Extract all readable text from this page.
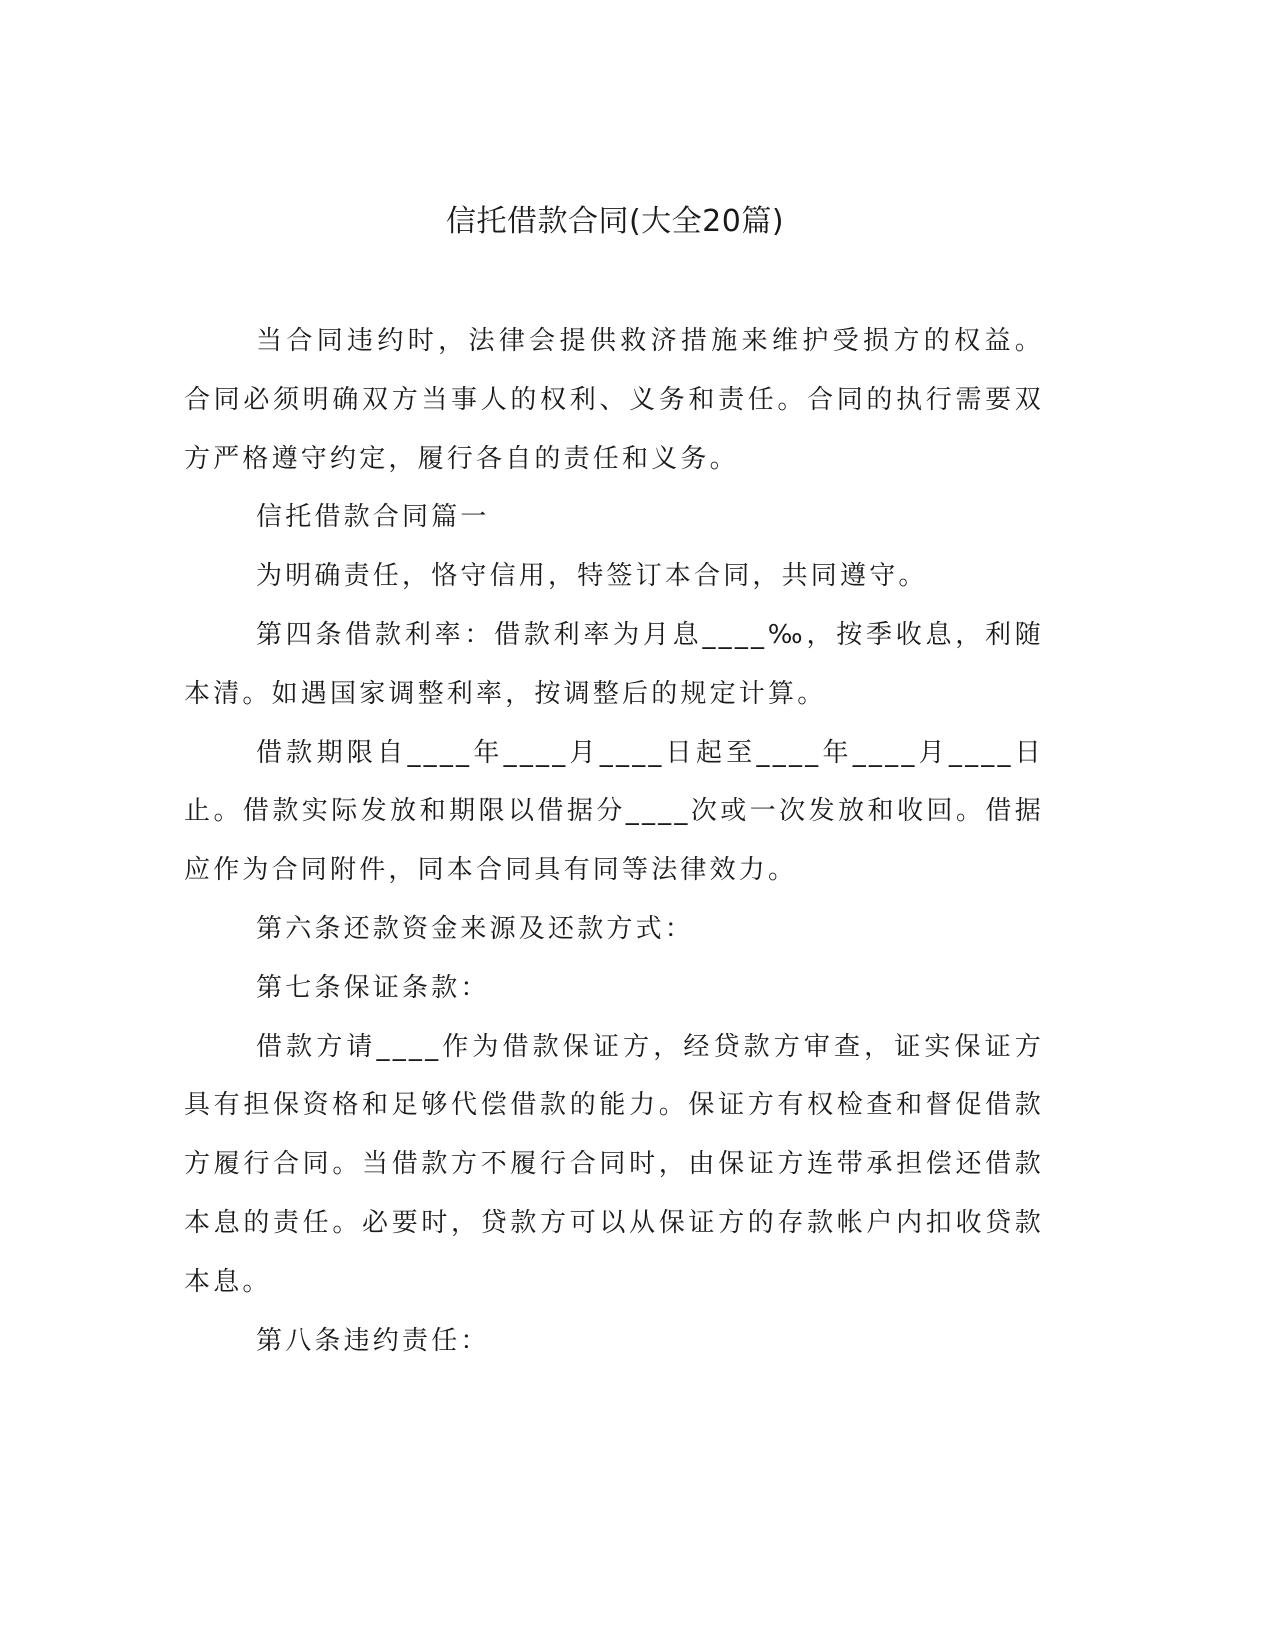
信托借款合同(大全20篇)

当合同违约时，法律会提供救济措施来维护受损方的权益。合同必须明确双方当事人的权利、义务和责任。合同的执行需要双方严格遵守约定，履行各自的责任和义务。

信托借款合同篇一

为明确责任，恪守信用，特签订本合同，共同遵守。

第四条借款利率：借款利率为月息____‰，按季收息，利随本清。如遇国家调整利率，按调整后的规定计算。

借款期限自____年____月____日起至____年____月____日止。借款实际发放和期限以借据分____次或一次发放和收回。借据应作为合同附件，同本合同具有同等法律效力。

第六条还款资金来源及还款方式：

第七条保证条款：

借款方请____作为借款保证方，经贷款方审查，证实保证方具有担保资格和足够代偿借款的能力。保证方有权检查和督促借款方履行合同。当借款方不履行合同时，由保证方连带承担偿还借款本息的责任。必要时，贷款方可以从保证方的存款帐户内扣收贷款本息。

第八条违约责任：
